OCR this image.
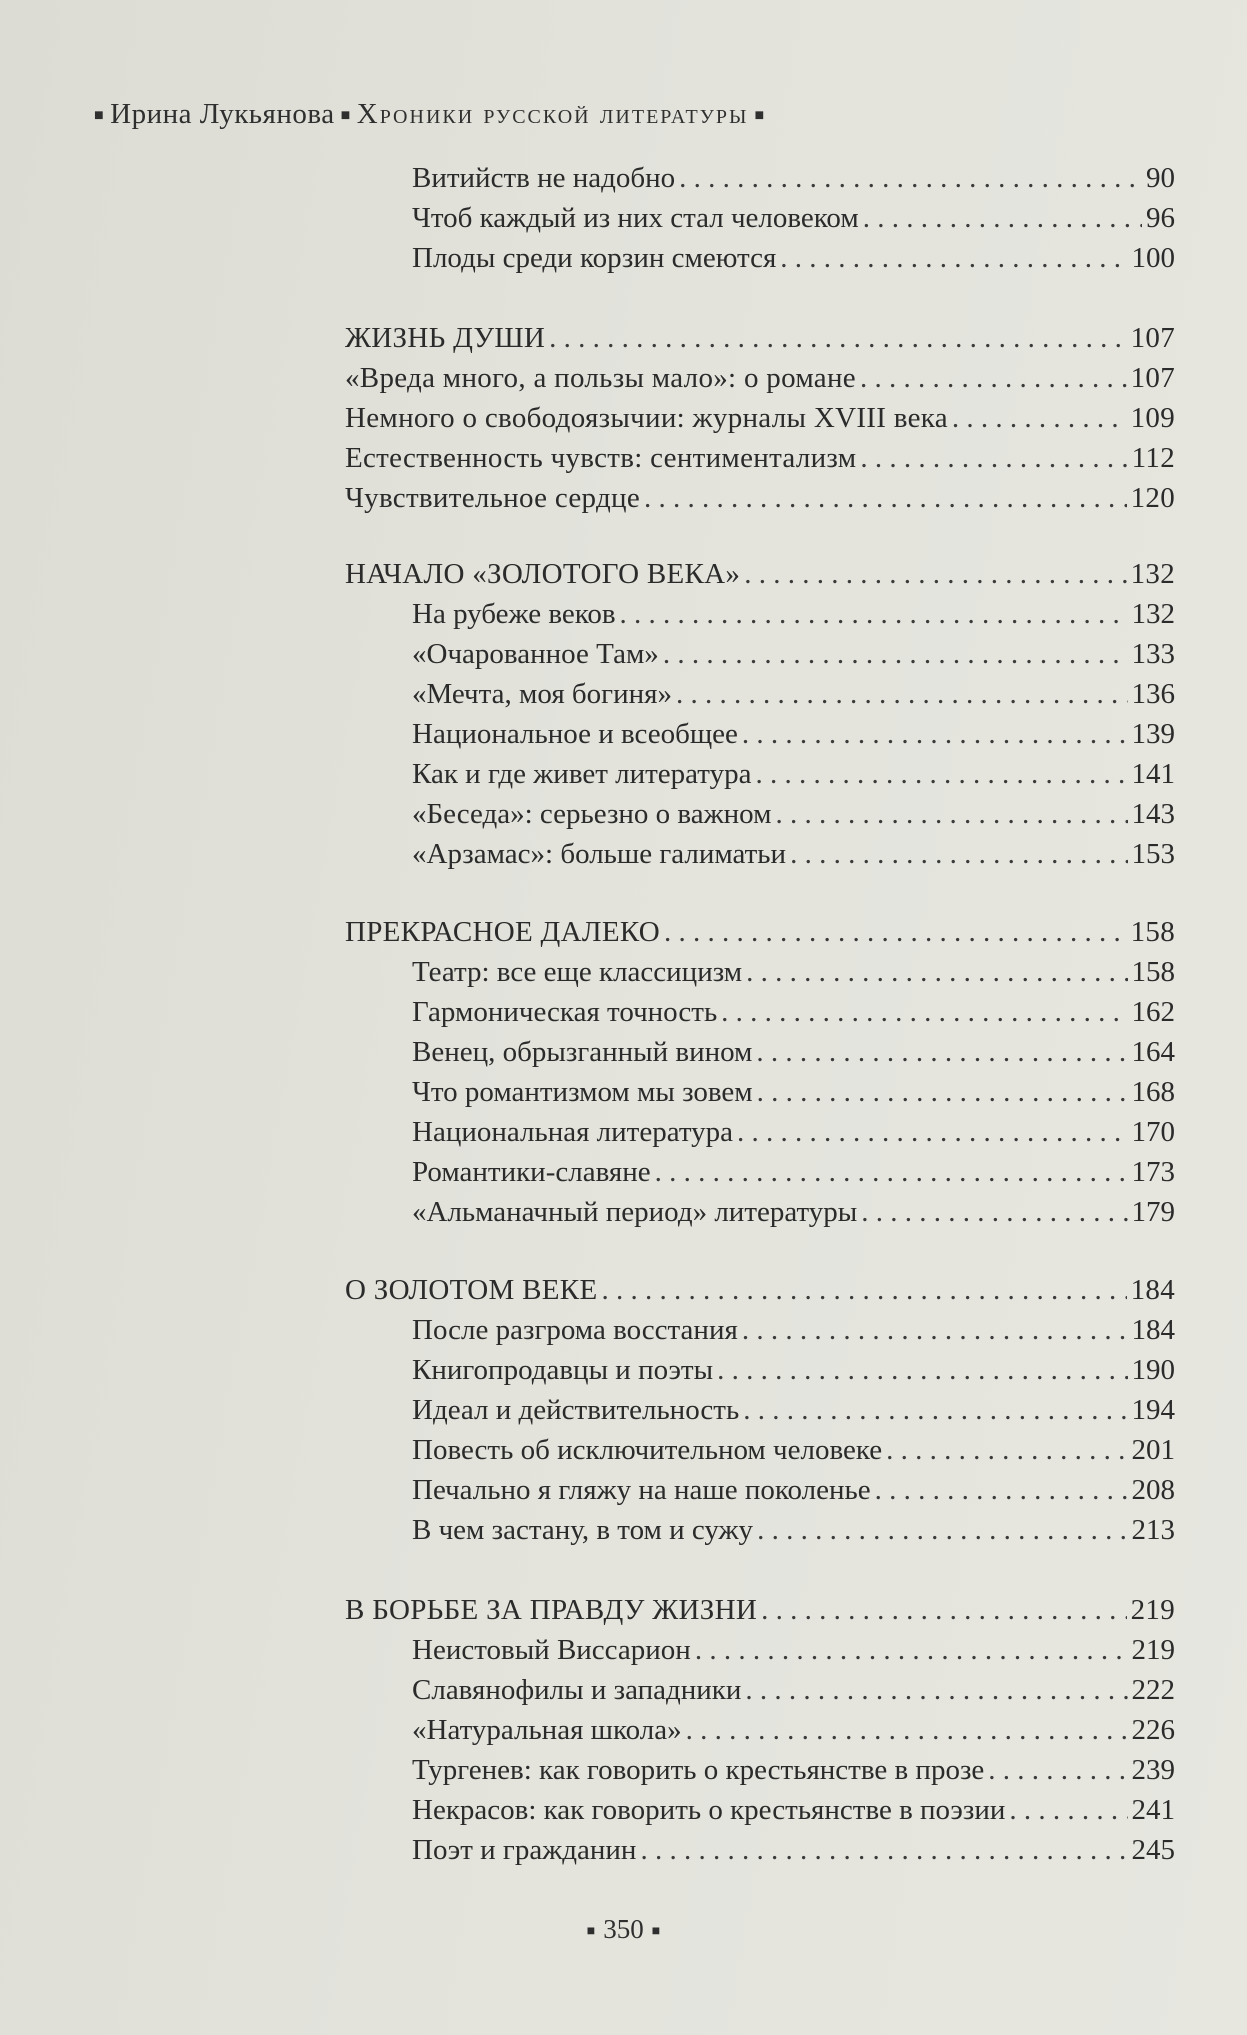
■ Ирина Лукьянова ■ Хроники русской литературы ■
Витийств не надобно . . .	90
Чтоб каждый из них стал человеком . . .	96
Плоды среди корзин смеются . . .	100
ЖИЗНЬ ДУШИ . . .	107
«Вреда много, а пользы мало»: о романе . . .	107
Немного о свободоязычии: журналы XVIII века . . .	109
Естественность чувств: сентиментализм . . .	112
Чувствительное сердце . . .	120
НАЧАЛО «ЗОЛОТОГО ВЕКА» . . .	132
На рубеже веков . . .	132
«Очарованное Там» . . .	133
«Мечта, моя богиня» . . .	136
Национальное и всеобщее . . .	139
Как и где живет литература . . .	141
«Беседа»: серьезно о важном . . .	143
«Арзамас»: больше галиматьи . . .	153
ПРЕКРАСНОЕ ДАЛЕКО . . .	158
Театр: все еще классицизм . . .	158
Гармоническая точность . . .	162
Венец, обрызганный вином . . .	164
Что романтизмом мы зовем . . .	168
Национальная литература . . .	170
Романтики-славяне . . .	173
«Альманачный период» литературы . . .	179
О ЗОЛОТОМ ВЕКЕ . . .	184
После разгрома восстания . . .	184
Книгопродавцы и поэты . . .	190
Идеал и действительность . . .	194
Повесть об исключительном человеке . . .	201
Печально я гляжу на наше поколенье . . .	208
В чем застану, в том и сужу . . .	213
В БОРЬБЕ ЗА ПРАВДУ ЖИЗНИ . . .	219
Неистовый Виссарион . . .	219
Славянофилы и западники . . .	222
«Натуральная школа» . . .	226
Тургенев: как говорить о крестьянстве в прозе . . .	239
Некрасов: как говорить о крестьянстве в поэзии . . .	241
Поэт и гражданин . . .	245
■ 350 ■
